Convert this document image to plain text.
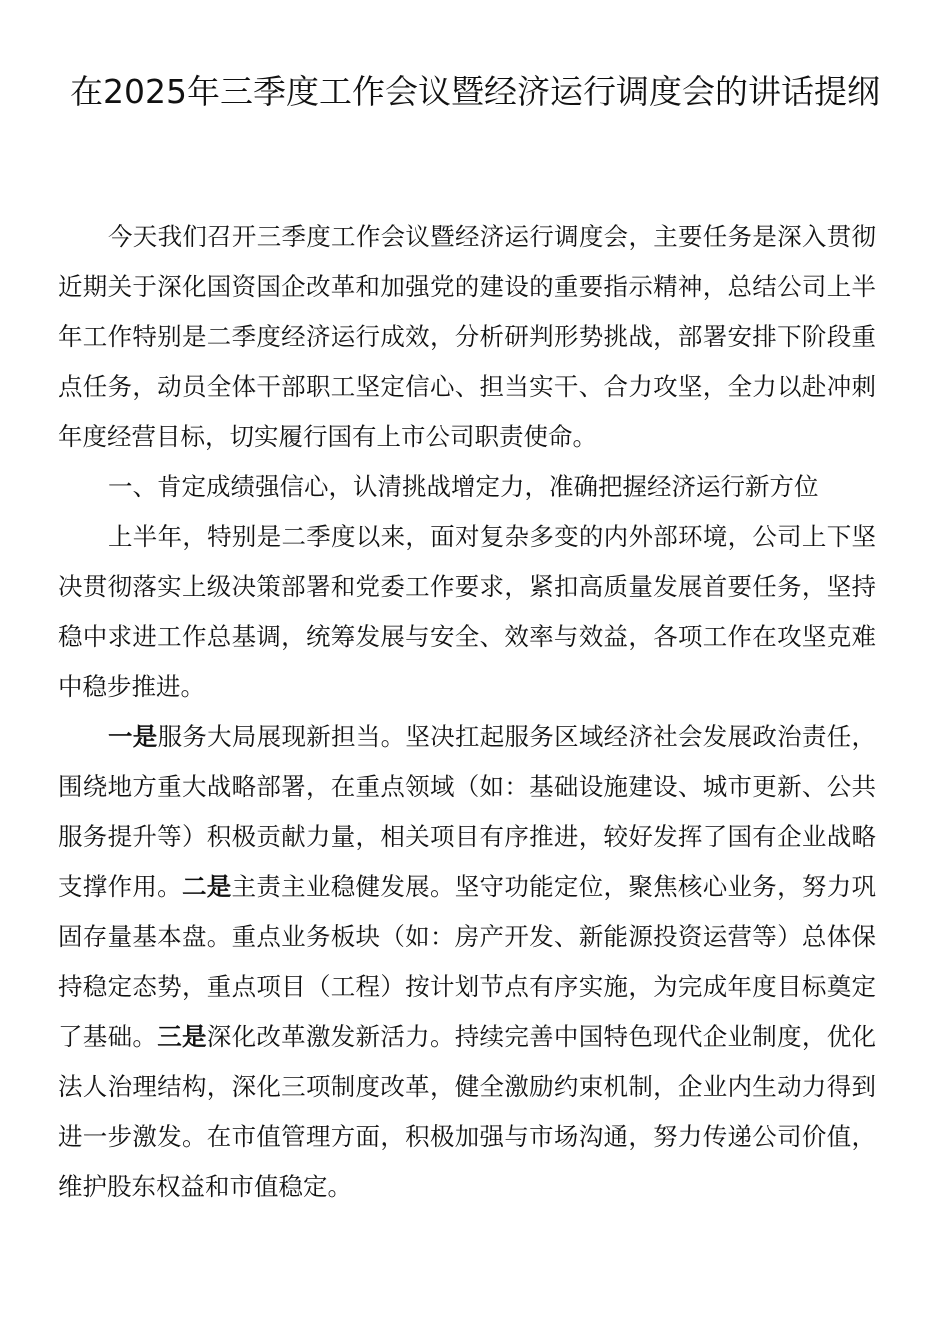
在2025年三季度工作会议暨经济运行调度会的讲话提纲

今天我们召开三季度工作会议暨经济运行调度会，主要任务是深入贯彻近期关于深化国资国企改革和加强党的建设的重要指示精神，总结公司上半年工作特别是二季度经济运行成效，分析研判形势挑战，部署安排下阶段重点任务，动员全体干部职工坚定信心、担当实干、合力攻坚，全力以赴冲刺年度经营目标，切实履行国有上市公司职责使命。

一、肯定成绩强信心，认清挑战增定力，准确把握经济运行新方位

上半年，特别是二季度以来，面对复杂多变的内外部环境，公司上下坚决贯彻落实上级决策部署和党委工作要求，紧扣高质量发展首要任务，坚持稳中求进工作总基调，统筹发展与安全、效率与效益，各项工作在攻坚克难中稳步推进。

一是服务大局展现新担当。坚决扛起服务区域经济社会发展政治责任，围绕地方重大战略部署，在重点领域（如：基础设施建设、城市更新、公共服务提升等）积极贡献力量，相关项目有序推进，较好发挥了国有企业战略支撑作用。二是主责主业稳健发展。坚守功能定位，聚焦核心业务，努力巩固存量基本盘。重点业务板块（如：房产开发、新能源投资运营等）总体保持稳定态势，重点项目（工程）按计划节点有序实施，为完成年度目标奠定了基础。三是深化改革激发新活力。持续完善中国特色现代企业制度，优化法人治理结构，深化三项制度改革，健全激励约束机制，企业内生动力得到进一步激发。在市值管理方面，积极加强与市场沟通，努力传递公司价值，维护股东权益和市值稳定。
